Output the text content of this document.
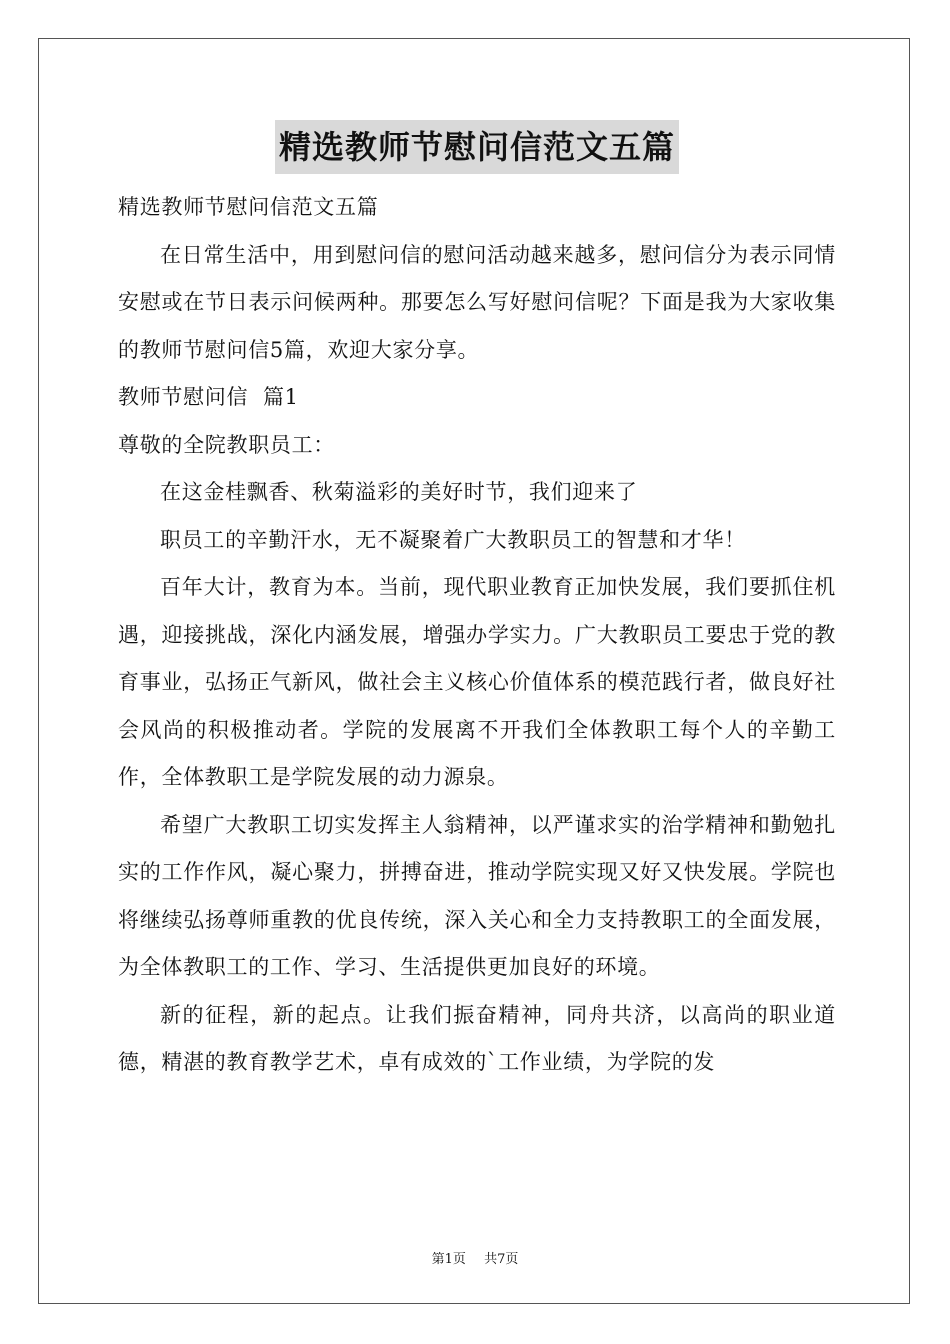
精选教师节慰问信范文五篇

精选教师节慰问信范文五篇

在日常生活中，用到慰问信的慰问活动越来越多，慰问信分为表示同情安慰或在节日表示问候两种。那要怎么写好慰问信呢？下面是我为大家收集的教师节慰问信5篇，欢迎大家分享。

教师节慰问信  篇1

尊敬的全院教职员工：

在这金桂飘香、秋菊溢彩的美好时节，我们迎来了

职员工的辛勤汗水，无不凝聚着广大教职员工的智慧和才华！

百年大计，教育为本。当前，现代职业教育正加快发展，我们要抓住机遇，迎接挑战，深化内涵发展，增强办学实力。广大教职员工要忠于党的教育事业，弘扬正气新风，做社会主义核心价值体系的模范践行者，做良好社会风尚的积极推动者。学院的发展离不开我们全体教职工每个人的辛勤工作，全体教职工是学院发展的动力源泉。

希望广大教职工切实发挥主人翁精神，以严谨求实的治学精神和勤勉扎实的工作作风，凝心聚力，拼搏奋进，推动学院实现又好又快发展。学院也将继续弘扬尊师重教的优良传统，深入关心和全力支持教职工的全面发展，为全体教职工的工作、学习、生活提供更加良好的环境。

新的征程，新的起点。让我们振奋精神，同舟共济，以高尚的职业道德，精湛的教育教学艺术，卓有成效的`工作业绩，为学院的发

第1页 共7页
